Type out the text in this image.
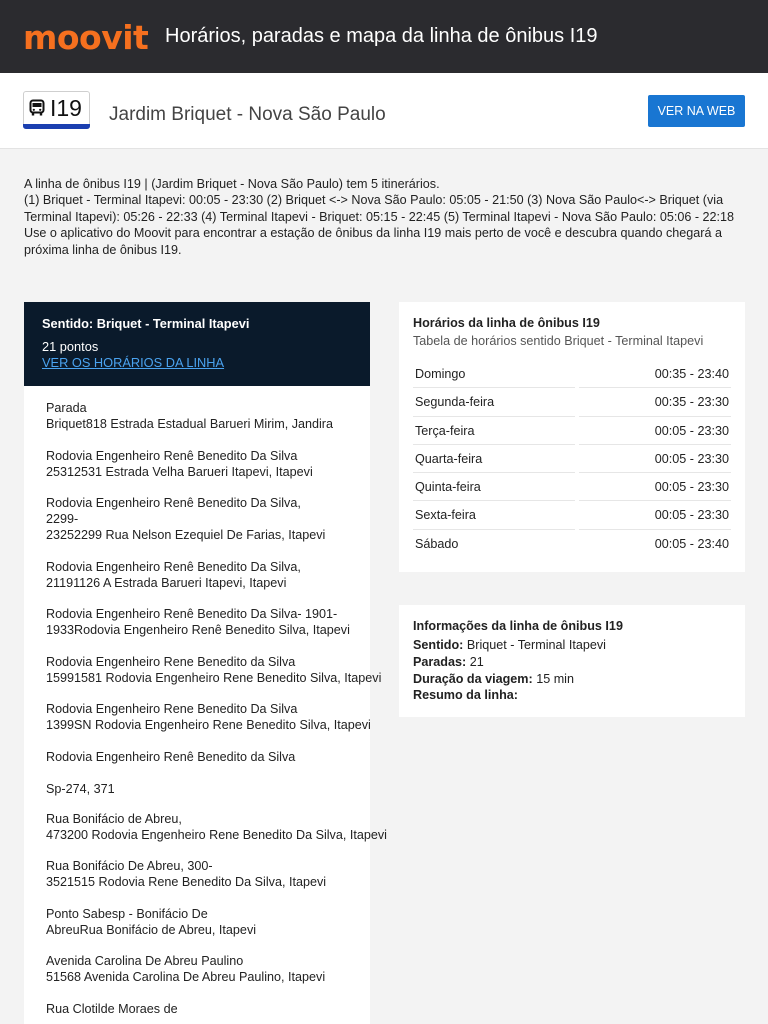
moovit Horários, paradas e mapa da linha de ônibus I19
I19 Jardim Briquet - Nova São Paulo	VER NA WEB
A linha de ônibus I19 | (Jardim Briquet - Nova São Paulo) tem 5 itinerários.
(1) Briquet - Terminal Itapevi: 00:05 - 23:30 (2) Briquet <-> Nova São Paulo: 05:05 - 21:50 (3) Nova São Paulo<-> Briquet (via Terminal Itapevi): 05:26 - 22:33 (4) Terminal Itapevi - Briquet: 05:15 - 22:45 (5) Terminal Itapevi - Nova São Paulo: 05:06 - 22:18
Use o aplicativo do Moovit para encontrar a estação de ônibus da linha I19 mais perto de você e descubra quando chegará a próxima linha de ônibus I19.
Sentido: Briquet - Terminal Itapevi
21 pontos
VER OS HORÁRIOS DA LINHA
Parada
Briquet818 Estrada Estadual Barueri Mirim, Jandira
Rodovia Engenheiro Renê Benedito Da Silva
25312531 Estrada Velha Barueri Itapevi, Itapevi
Rodovia Engenheiro Renê Benedito Da Silva,
2299-
23252299 Rua Nelson Ezequiel De Farias, Itapevi
Rodovia Engenheiro Renê Benedito Da Silva,
21191126 A Estrada Barueri Itapevi, Itapevi
Rodovia Engenheiro Renê Benedito Da Silva- 1901-
1933Rodovia Engenheiro Renê Benedito Silva, Itapevi
Rodovia Engenheiro Rene Benedito da Silva
15991581 Rodovia Engenheiro Rene Benedito Silva, Itapevi
Rodovia Engenheiro Rene Benedito Da Silva
1399SN Rodovia Engenheiro Rene Benedito Silva, Itapevi
Rodovia Engenheiro Renê Benedito da Silva
Sp-274, 371
Rua Bonifácio de Abreu,
473200 Rodovia Engenheiro Rene Benedito Da Silva, Itapevi
Rua Bonifácio De Abreu, 300-
3521515 Rodovia Rene Benedito Da Silva, Itapevi
Ponto Sabesp - Bonifácio De
AbreuRua Bonifácio de Abreu, Itapevi
Avenida Carolina De Abreu Paulino
51568 Avenida Carolina De Abreu Paulino, Itapevi
Rua Clotilde Moraes de
Horários da linha de ônibus I19
Tabela de horários sentido Briquet - Terminal Itapevi
Domingo	00:35 - 23:40
Segunda-feira	00:35 - 23:30
Terça-feira	00:05 - 23:30
Quarta-feira	00:05 - 23:30
Quinta-feira	00:05 - 23:30
Sexta-feira	00:05 - 23:30
Sábado	00:05 - 23:40
Informações da linha de ônibus I19
Sentido: Briquet - Terminal Itapevi
Paradas: 21
Duração da viagem: 15 min
Resumo da linha:
